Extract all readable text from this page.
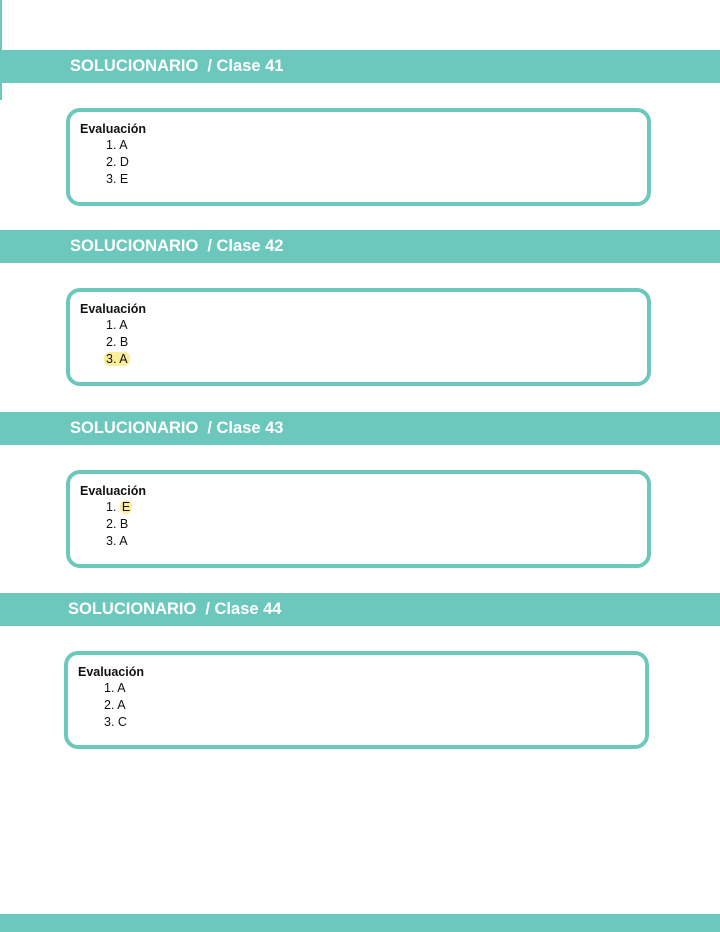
SOLUCIONARIO / Clase 41
Evaluación
1. A
2. D
3. E
SOLUCIONARIO / Clase 42
Evaluación
1. A
2. B
3. A
SOLUCIONARIO / Clase 43
Evaluación
1. E
2. B
3. A
SOLUCIONARIO / Clase 44
Evaluación
1. A
2. A
3. C
